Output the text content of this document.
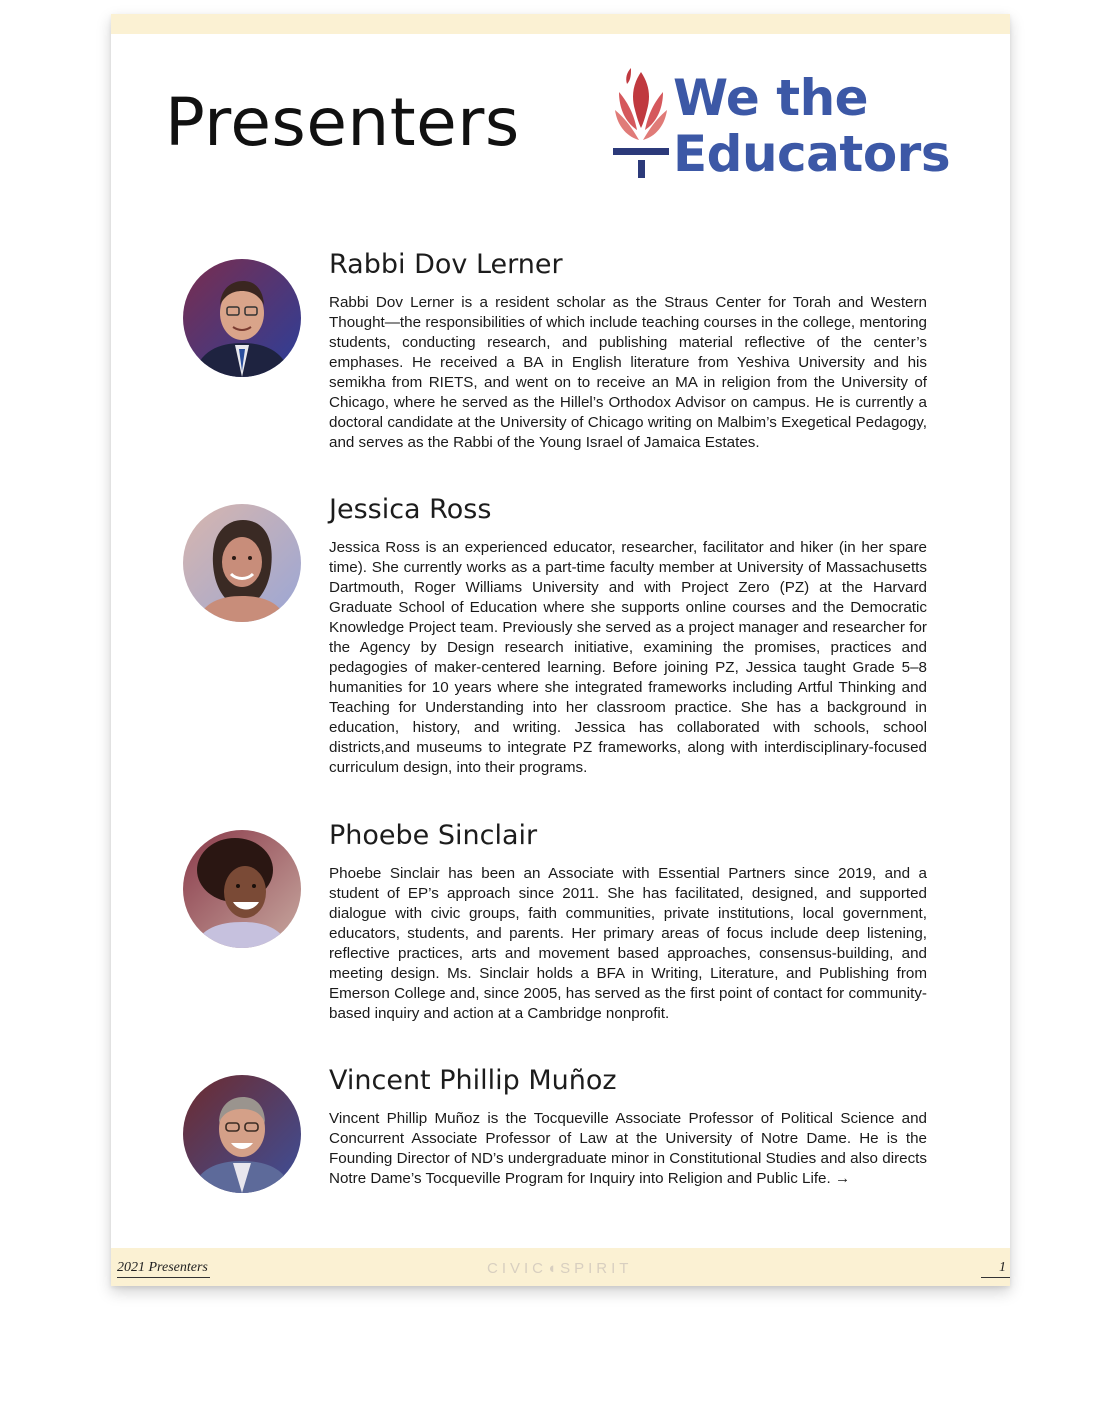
Presenters	We the
Educators
Rabbi Dov Lerner

Rabbi Dov Lerner is a resident scholar as the Straus Center for Torah and Western Thought—the responsibilities of which include teaching courses in the college, mentoring students, conducting research, and publishing material reflective of the center’s emphases. He received a BA in English literature from Yeshiva University and his semikha from RIETS, and went on to receive an MA in religion from the University of Chicago, where he served as the Hillel’s Orthodox Advisor on campus. He is currently a doctoral candidate at the University of Chicago writing on Malbim’s Exegetical Pedagogy, and serves as the Rabbi of the Young Israel of Jamaica Estates.

Jessica Ross

Jessica Ross is an experienced educator, researcher, facilitator and hiker (in her spare time). She currently works as a part-time faculty member at University of Massachusetts Dartmouth, Roger Williams University and with Project Zero (PZ) at the Harvard Graduate School of Education where she supports online courses and the Democratic Knowledge Project team. Previously she served as a project manager and researcher for the Agency by Design research initiative, examining the promises, practices and pedagogies of maker-centered learning. Before joining PZ, Jessica taught Grade 5–8 humanities for 10 years where she integrated frameworks including Artful Thinking and Teaching for Understanding into her classroom practice. She has a background in education, history, and writing. Jessica has collaborated with schools, school districts,and museums to integrate PZ frameworks, along with interdisciplinary-focused curriculum design, into their programs.

Phoebe Sinclair

Phoebe Sinclair has been an Associate with Essential Partners since 2019, and a student of EP’s approach since 2011. She has facilitated, designed, and supported dialogue with civic groups, faith communities, private institutions, local government, educators, students, and parents. Her primary areas of focus include deep listening, reflective practices, arts and movement based approaches, consensus-building, and meeting design. Ms. Sinclair holds a BFA in Writing, Literature, and Publishing from Emerson College and, since 2005, has served as the first point of contact for community-based inquiry and action at a Cambridge nonprofit.

Vincent Phillip Muñoz

Vincent Phillip Muñoz is the Tocqueville Associate Professor of Political Science and Concurrent Associate Professor of Law at the University of Notre Dame. He is the Founding Director of ND’s undergraduate minor in Constitutional Studies and also directs Notre Dame’s Tocqueville Program for Inquiry into Religion and Public Life. →

2021 Presenters	CIVIC◖SPIRIT	1
